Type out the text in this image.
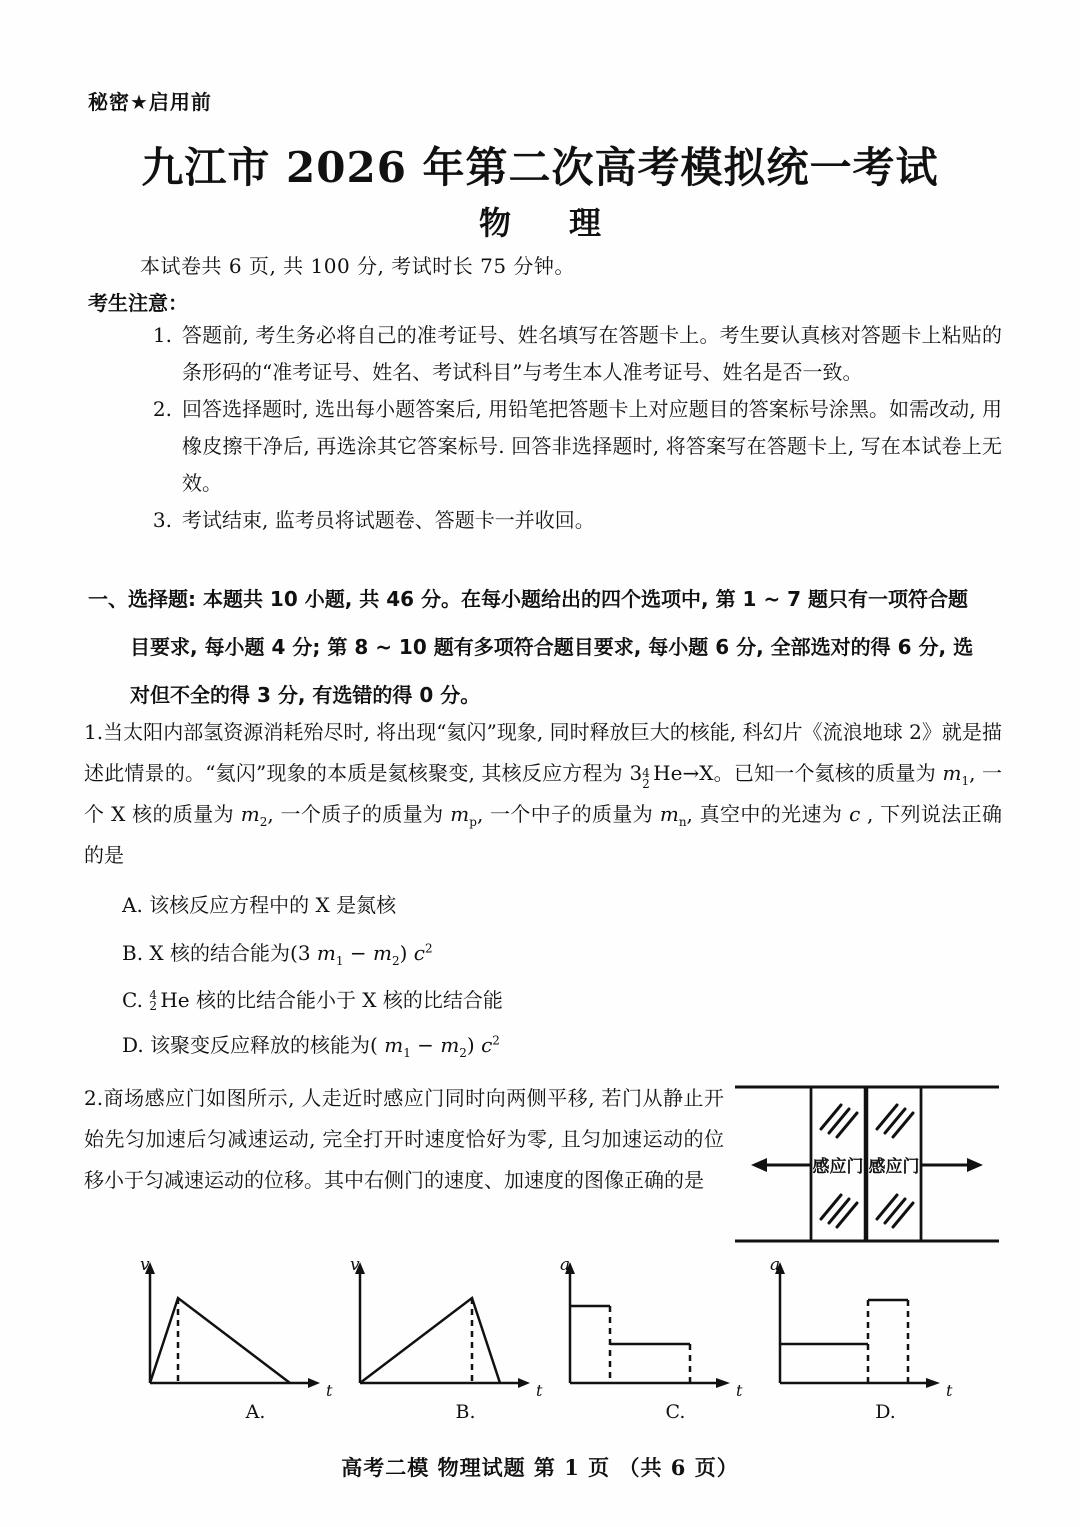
秘密★启用前
九江市 2026 年第二次高考模拟统一考试
物理
本试卷共 6 页, 共 100 分, 考试时长 75 分钟。
考生注意：
1. 答题前, 考生务必将自己的准考证号、姓名填写在答题卡上。考生要认真核对答题卡上粘贴的条形码的“准考证号、姓名、考试科目”与考生本人准考证号、姓名是否一致。
2. 回答选择题时, 选出每小题答案后, 用铅笔把答题卡上对应题目的答案标号涂黑。如需改动, 用橡皮擦干净后, 再选涂其它答案标号. 回答非选择题时, 将答案写在答题卡上, 写在本试卷上无效。
3. 考试结束, 监考员将试题卷、答题卡一并收回。
一、选择题: 本题共 10 小题, 共 46 分。在每小题给出的四个选项中, 第 1 ~ 7 题只有一项符合题
目要求, 每小题 4 分; 第 8 ~ 10 题有多项符合题目要求, 每小题 6 分, 全部选对的得 6 分, 选
对但不全的得 3 分, 有选错的得 0 分。
1.当太阳内部氢资源消耗殆尽时, 将出现“氦闪”现象, 同时释放巨大的核能, 科幻片《流浪地球 2》就是描述此情景的。“氦闪”现象的本质是氦核聚变, 其核反应方程为 3 4
2 He→X。已知一个氦核的质量为 $m_1$, 一个 X 核的质量为 $m_2$, 一个质子的质量为 $m_p$, 一个中子的质量为 $m_n$, 真空中的光速为 c , 下列说法正确的是
A. 该核反应方程中的 X 是氮核
B. X 核的结合能为(3 $m_1 - m_2$) $c^2$
C. 4
2 He 核的比结合能小于 X 核的比结合能
D. 该聚变反应释放的核能为( $m_1 - m_2$) $c^2$
2.商场感应门如图所示, 人走近时感应门同时向两侧平移, 若门从静止开始先匀加速后匀减速运动, 完全打开时速度恰好为零, 且匀加速运动的位移小于匀减速运动的位移。其中右侧门的速度、加速度的图像正确的是
感应门 感应门
v
t
A.
v
t
B.
a
t
C.
a
t
D.
高考二模 物理试题 第 1 页 （共 6 页）
